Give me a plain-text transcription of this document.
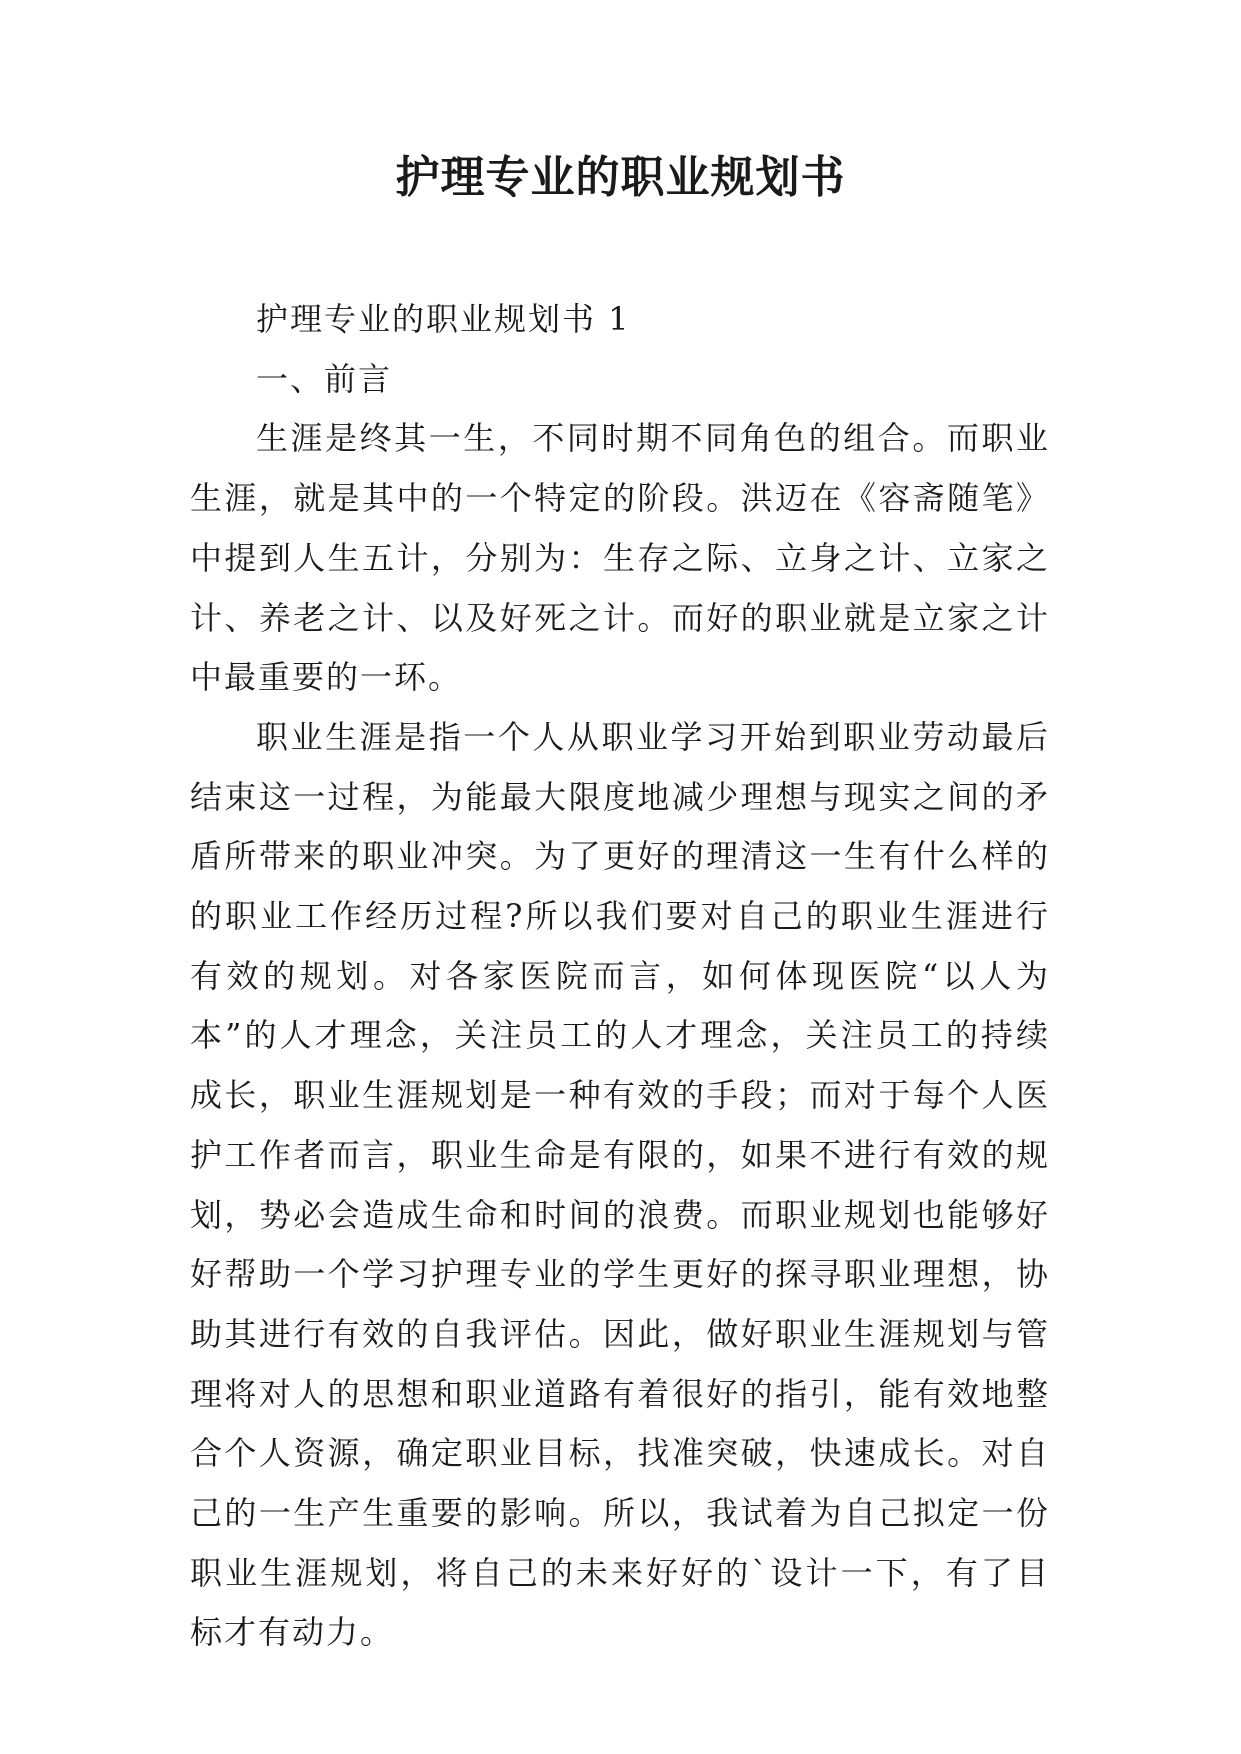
护理专业的职业规划书

护理专业的职业规划书 1

一、前言

生涯是终其一生，不同时期不同角色的组合。而职业生涯，就是其中的一个特定的阶段。洪迈在《容斋随笔》中提到人生五计，分别为：生存之际、立身之计、立家之计、养老之计、以及好死之计。而好的职业就是立家之计中最重要的一环。

职业生涯是指一个人从职业学习开始到职业劳动最后结束这一过程，为能最大限度地减少理想与现实之间的矛盾所带来的职业冲突。为了更好的理清这一生有什么样的的职业工作经历过程?所以我们要对自己的职业生涯进行有效的规划。对各家医院而言，如何体现医院“以人为本”的人才理念，关注员工的人才理念，关注员工的持续成长，职业生涯规划是一种有效的手段；而对于每个人医护工作者而言，职业生命是有限的，如果不进行有效的规划，势必会造成生命和时间的浪费。而职业规划也能够好好帮助一个学习护理专业的学生更好的探寻职业理想，协助其进行有效的自我评估。因此，做好职业生涯规划与管理将对人的思想和职业道路有着很好的指引，能有效地整合个人资源，确定职业目标，找准突破，快速成长。对自己的一生产生重要的影响。所以，我试着为自己拟定一份职业生涯规划，将自己的未来好好的`设计一下，有了目标才有动力。
